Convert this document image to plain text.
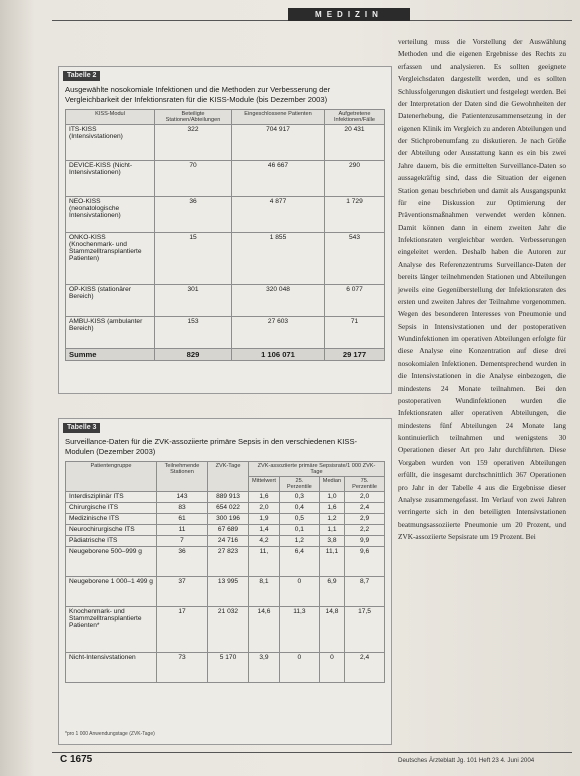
MEDIZIN
Tabelle 2
Ausgewählte nosokomiale Infektionen und die Methoden zur Verbesserung der Vergleichbarkeit der Infektionsraten für die KISS-Module (bis Dezember 2003)
KISS-Modul	Beteiligte Stationen/Abteilungen	Eingeschlossene Patienten	Aufgetretene Infektionen/Fälle
ITS-KISS (Intensivstationen)	322	704 917	20 431
DEVICE-KISS (Nicht-Intensivstationen)	70	46 667	290
NEO-KISS (neonatologische Intensivstationen)	36	4 877	1 729
ONKO-KISS (Knochenmark- und Stammzelltransplantierte Patienten)	15	1 855	543
OP-KISS (stationärer Bereich)	301	320 048	6 077
AMBU-KISS (ambulanter Bereich)	153	27 603	71
Summe	829	1 106 071	29 177
Tabelle 3
Surveillance-Daten für die ZVK-assoziierte primäre Sepsis in den verschiedenen KISS-Modulen (Dezember 2003)
Patientengruppe	Teilnehmende Stationen	ZVK-Tage	ZVK-assoziierte primäre Sepsisrate/1 000 ZVK-Tage			
			Mittelwert	25. Perzentile	Median	75. Perzentile
Interdisziplinär ITS	143	889 913	1,6	0,3	1,0	2,0
Chirurgische ITS	83	654 022	2,0	0,4	1,6	2,4
Medizinische ITS	61	300 196	1,9	0,5	1,2	2,9
Neurochirurgische ITS	11	67 689	1,4	0,1	1,1	2,2
Pädiatrische ITS	7	24 716	4,2	1,2	3,8	9,9
Neugeborene 500–999 g	36	27 823	11,	6,4	11,1	9,6
Neugeborene 1 000–1 499 g	37	13 995	8,1	0	6,9	8,7
Knochenmark- und Stammzelltransplantierte Patienten*	17	21 032	14,6	11,3	14,8	17,5
Nicht-Intensivstationen	73	5 170	3,9	0	0	2,4
*pro 1 000 Anwendungstage (ZVK-Tage)

verteilung muss die Vorstellung der Auswählung Methoden und die eigenen Ergebnisse des Rechts zu erfassen und analysieren. Es sollten geeignete Vergleichsdaten dargestellt werden, und es sollten Schlussfolgerungen diskutiert und festgelegt werden. Bei der Interpretation der Daten sind die Gewohnheiten der Datenerhebung, die Patientenzusammensetzung in der eigenen Klinik im Vergleich zu anderen Abteilungen und der Stichprobenumfang zu diskutieren. Je nach Größe der Abteilung oder Ausstattung kann es ein bis zwei Jahre dauern, bis die ermittelten Surveillance-Daten so aussagekräftig sind, dass die Situation der eigenen Station genau beschrieben und damit als Ausgangspunkt für eine Diskussion zur Optimierung der Präventionsmaßnahmen verwendet werden können. Damit können dann in einem zweiten Jahr die Infektionsraten vergleichbar werden. Verbesserungen eingeleitet werden. Deshalb haben die Autoren zur Analyse des Referenzzentrums Surveillance-Daten der bereits länger teilnehmenden Stationen und Abteilungen jeweils eine Gegenüberstellung der Infektionsraten des ersten und zweiten Jahres der Teilnahme vorgenommen. Wegen des besonderen Interesses von Pneumonie und Sepsis in Intensivstationen und der postoperativen Wundinfektionen im operativen Abteilungen erfolgte für diese Analyse eine Konzentration auf diese drei nosokomialen Infektionen. Dementsprechend wurden in die Intensivstationen in die Analyse einbezogen, die mindestens 24 Monate teilnahmen. Bei den postoperativen Wundinfektionen wurden die Infektionsraten aller operativen Abteilungen, die mindestens fünf Abteilungen 24 Monate lang kontinuierlich teilnahmen und wenigstens 30 Operationen dieser Art pro Jahr durchführten. Diese Vorgaben wurden von 159 operativen Abteilungen erfüllt, die insgesamt durchschnittlich 367 Operationen pro Jahr in der Tabelle 4 aus die Ergebnisse dieser Analyse zusammengefasst. Im Verlauf von zwei Jahren verringerte sich in den beteiligten Intensivstationen beatmungsassoziierte Pneumonie um 20 Prozent, und ZVK-assoziierte Sepsisrate um 19 Prozent. Bei

C 1675	Deutsches Ärzteblatt Jg. 101 Heft 23 4. Juni 2004
